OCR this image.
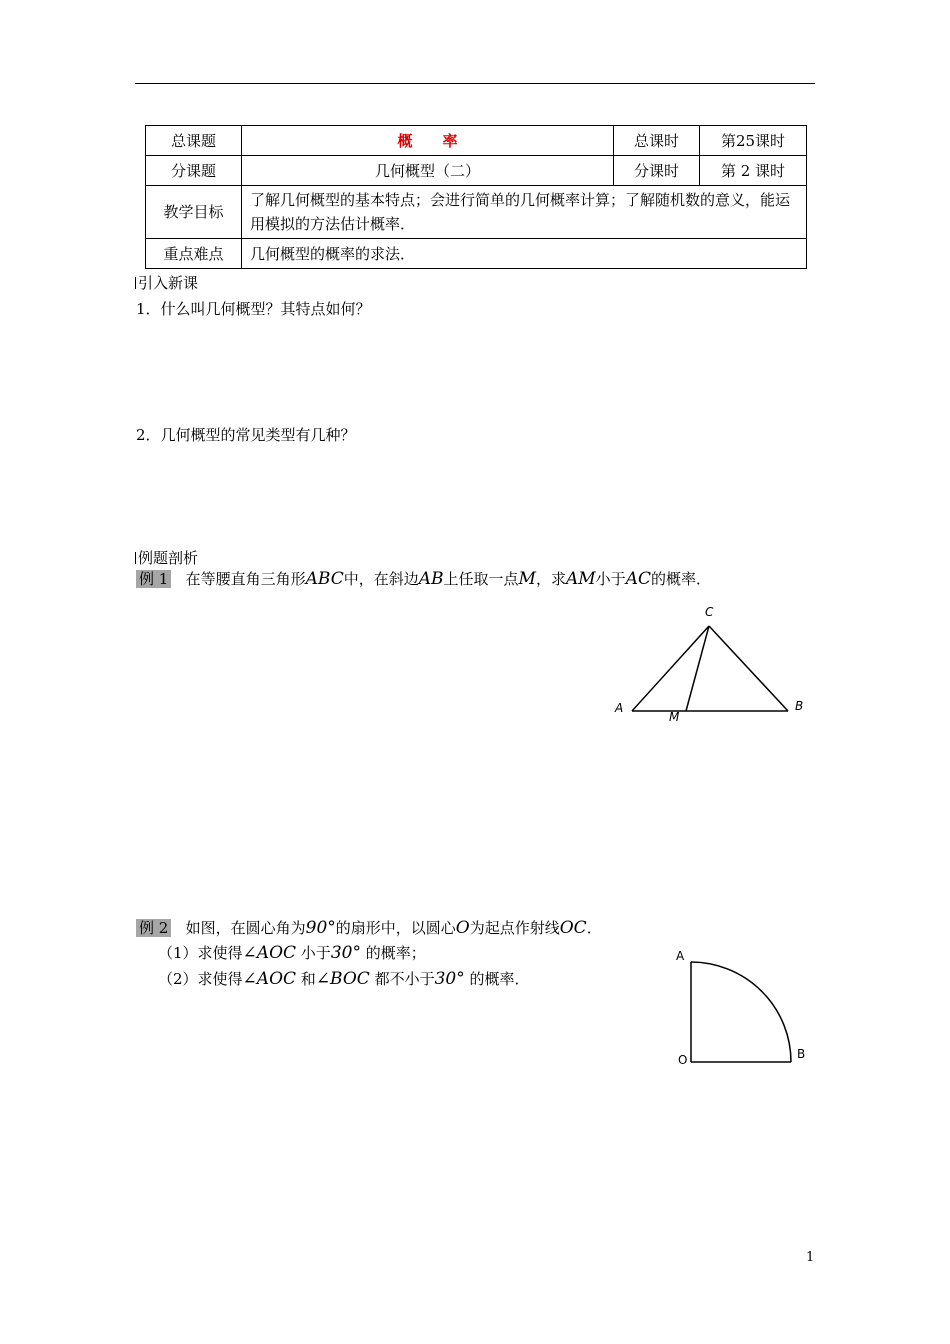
总课题	概　　率	总课时	第25课时
分课题	几何概型（二）	分课时	第 2 课时
教学目标	了解几何概型的基本特点；会进行简单的几何概率计算；了解随机数的意义，能运用模拟的方法估计概率．		
重点难点	几何概型的概率的求法．		
引入新课
1．什么叫几何概型？其特点如何？
2．几何概型的常见类型有几种？
例题剖析
例 1 在等腰直角三角形ABC中，在斜边AB上任取一点M，求AM小于AC的概率．
C
A	B
M
例 2 如图，在圆心角为90°的扇形中，以圆心O为起点作射线OC．
（1）求使得∠AOC 小于30° 的概率；
（2）求使得∠AOC 和∠BOC 都不小于30° 的概率．
A
O	B
1
